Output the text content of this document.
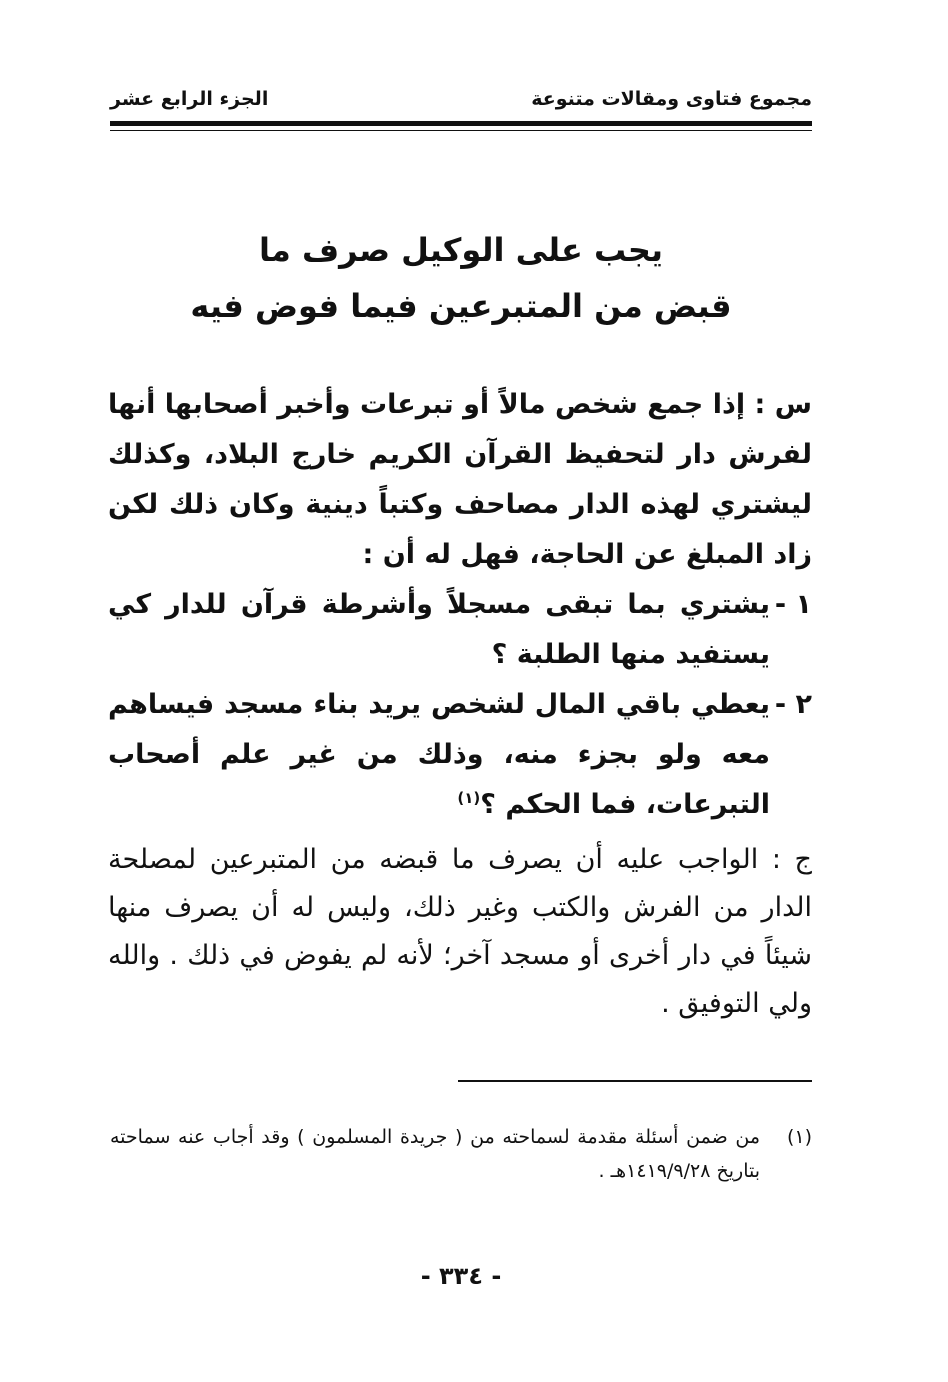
مجموع فتاوى ومقالات متنوعة
الجزء الرابع عشر
يجب على الوكيل صرف ما
قبض من المتبرعين فيما فوض فيه

س : إذا جمع شخص مالاً أو تبرعات وأخبر أصحابها أنها لفرش دار لتحفيظ القرآن الكريم خارج البلاد، وكذلك ليشتري لهذه الدار مصاحف وكتباً دينية وكان ذلك لكن زاد المبلغ عن الحاجة، فهل له أن :

١ -
يشتري بما تبقى مسجلاً وأشرطة قرآن للدار كي يستفيد منها الطلبة ؟
٢ -
يعطي باقي المال لشخص يريد بناء مسجد فيساهم معه ولو بجزء منه، وذلك من غير علم أصحاب التبرعات، فما الحكم ؟$^{(١)}$

ج : الواجب عليه أن يصرف ما قبضه من المتبرعين لمصلحة الدار من الفرش والكتب وغير ذلك، وليس له أن يصرف منها شيئاً في دار أخرى أو مسجد آخر؛ لأنه لم يفوض في ذلك . والله ولي التوفيق .

(١)
من ضمن أسئلة مقدمة لسماحته من ( جريدة المسلمون ) وقد أجاب عنه سماحته بتاريخ ١٤١٩/٩/٢٨هـ .
- ٣٣٤ -
